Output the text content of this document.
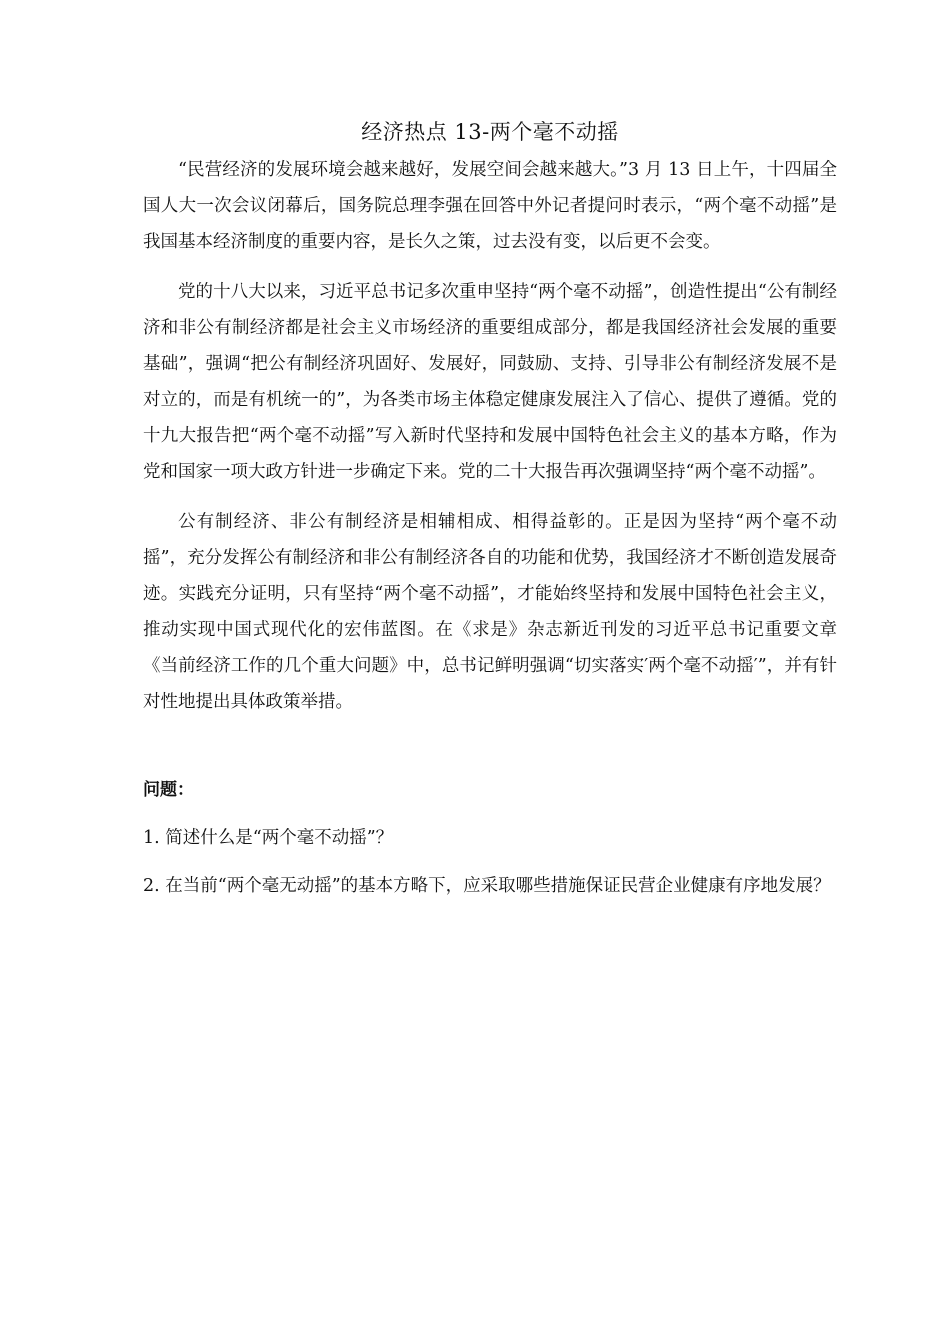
经济热点 13-两个毫不动摇

“民营经济的发展环境会越来越好，发展空间会越来越大。”3 月 13 日上午，十四届全国人大一次会议闭幕后，国务院总理李强在回答中外记者提问时表示，“两个毫不动摇”是我国基本经济制度的重要内容，是长久之策，过去没有变，以后更不会变。

党的十八大以来，习近平总书记多次重申坚持“两个毫不动摇”，创造性提出“公有制经济和非公有制经济都是社会主义市场经济的重要组成部分，都是我国经济社会发展的重要基础”，强调“把公有制经济巩固好、发展好，同鼓励、支持、引导非公有制经济发展不是对立的，而是有机统一的”，为各类市场主体稳定健康发展注入了信心、提供了遵循。党的十九大报告把“两个毫不动摇”写入新时代坚持和发展中国特色社会主义的基本方略，作为党和国家一项大政方针进一步确定下来。党的二十大报告再次强调坚持“两个毫不动摇”。

公有制经济、非公有制经济是相辅相成、相得益彰的。正是因为坚持“两个毫不动摇”，充分发挥公有制经济和非公有制经济各自的功能和优势，我国经济才不断创造发展奇迹。实践充分证明，只有坚持“两个毫不动摇”，才能始终坚持和发展中国特色社会主义，推动实现中国式现代化的宏伟蓝图。在《求是》杂志新近刊发的习近平总书记重要文章《当前经济工作的几个重大问题》中，总书记鲜明强调“切实落实′两个毫不动摇′”，并有针对性地提出具体政策举措。

问题：
1. 简述什么是“两个毫不动摇”？
2. 在当前“两个毫无动摇”的基本方略下，应采取哪些措施保证民营企业健康有序地发展？
